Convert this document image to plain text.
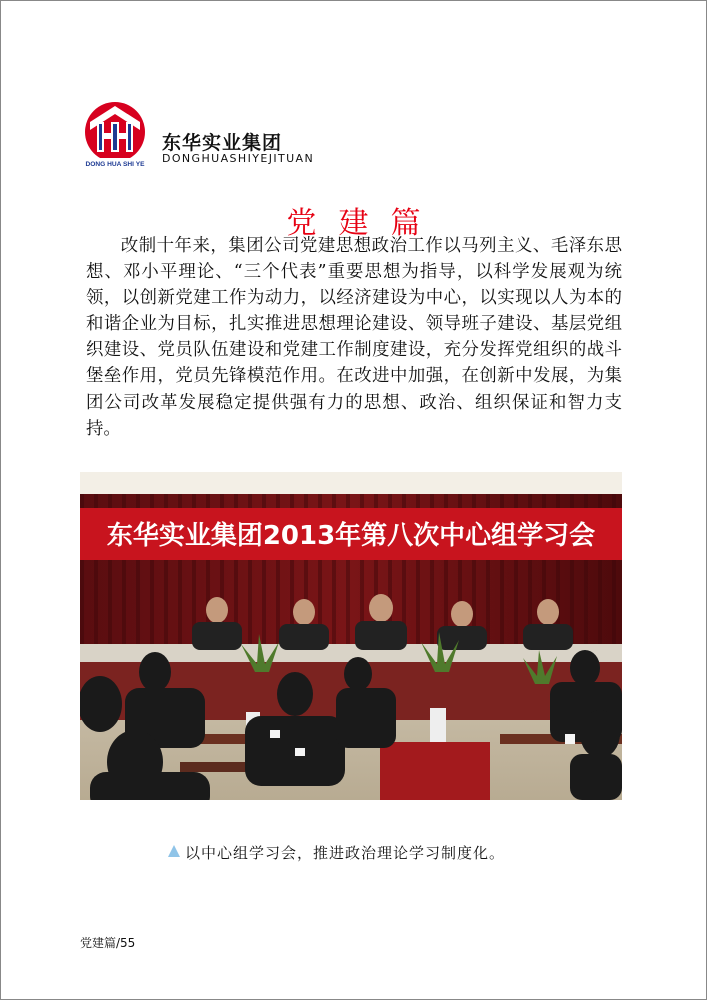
DONG HUA SHI YE
东华实业集团
DONGHUASHIYEJITUAN
党建篇

改制十年来，集团公司党建思想政治工作以马列主义、毛泽东思想、邓小平理论、“三个代表”重要思想为指导，以科学发展观为统领，以创新党建工作为动力，以经济建设为中心，以实现以人为本的和谐企业为目标，扎实推进思想理论建设、领导班子建设、基层党组织建设、党员队伍建设和党建工作制度建设，充分发挥党组织的战斗堡垒作用，党员先锋模范作用。在改进中加强，在创新中发展，为集团公司改革发展稳定提供强有力的思想、政治、组织保证和智力支持。

东华实业集团2013年第八次中心组学习会
以中心组学习会，推进政治理论学习制度化。
党建篇/55
